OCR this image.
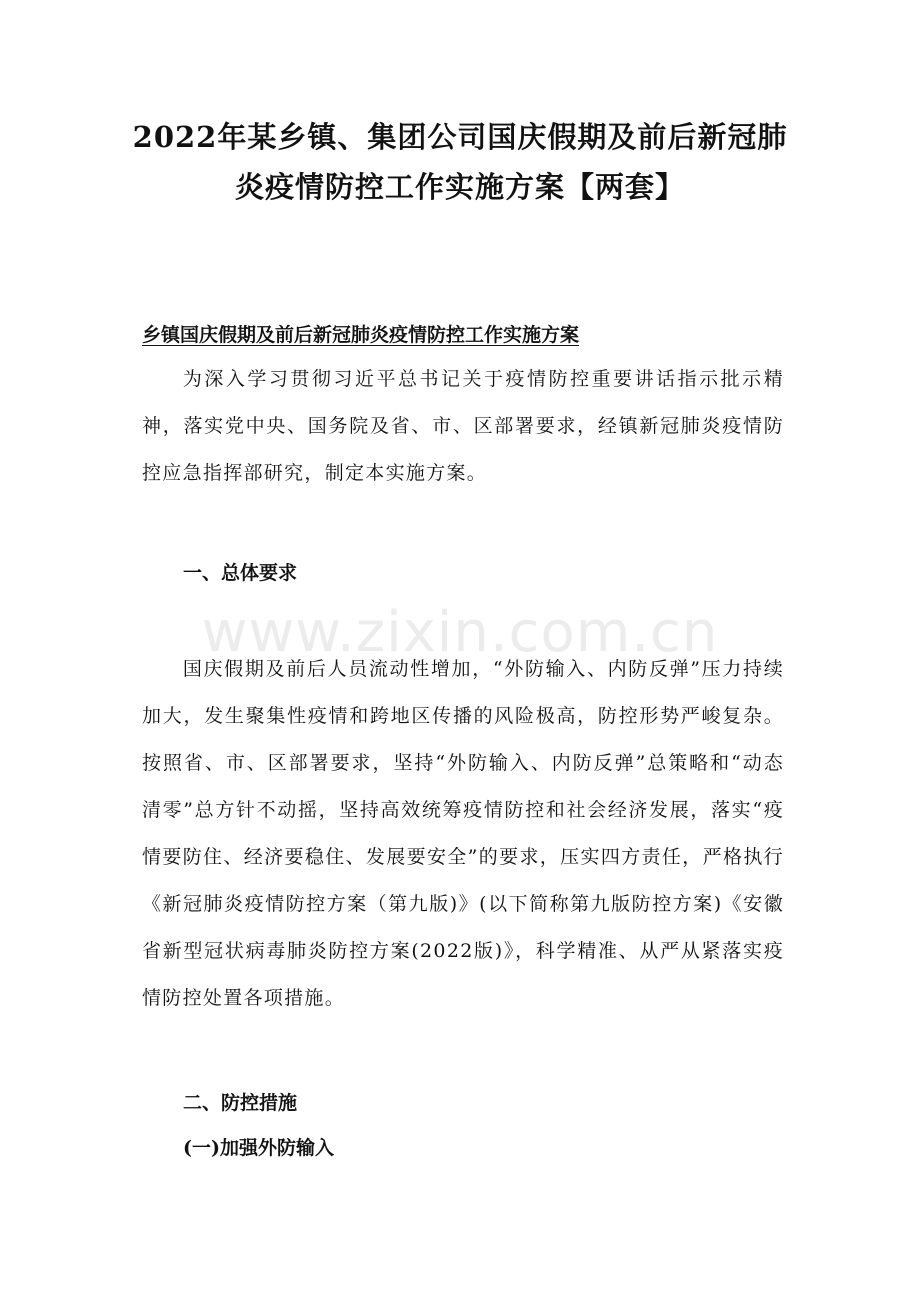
2022年某乡镇、集团公司国庆假期及前后新冠肺炎疫情防控工作实施方案【两套】
乡镇国庆假期及前后新冠肺炎疫情防控工作实施方案
为深入学习贯彻习近平总书记关于疫情防控重要讲话指示批示精神，落实党中央、国务院及省、市、区部署要求，经镇新冠肺炎疫情防控应急指挥部研究，制定本实施方案。
一、总体要求
www.zixin.com.cn
国庆假期及前后人员流动性增加，“外防输入、内防反弹”压力持续加大，发生聚集性疫情和跨地区传播的风险极高，防控形势严峻复杂。按照省、市、区部署要求，坚持“外防输入、内防反弹”总策略和“动态清零”总方针不动摇，坚持高效统筹疫情防控和社会经济发展，落实“疫情要防住、经济要稳住、发展要安全”的要求，压实四方责任，严格执行《新冠肺炎疫情防控方案（第九版)》(以下简称第九版防控方案)《安徽省新型冠状病毒肺炎防控方案(2022版)》，科学精准、从严从紧落实疫情防控处置各项措施。
二、防控措施
(一)加强外防输入
